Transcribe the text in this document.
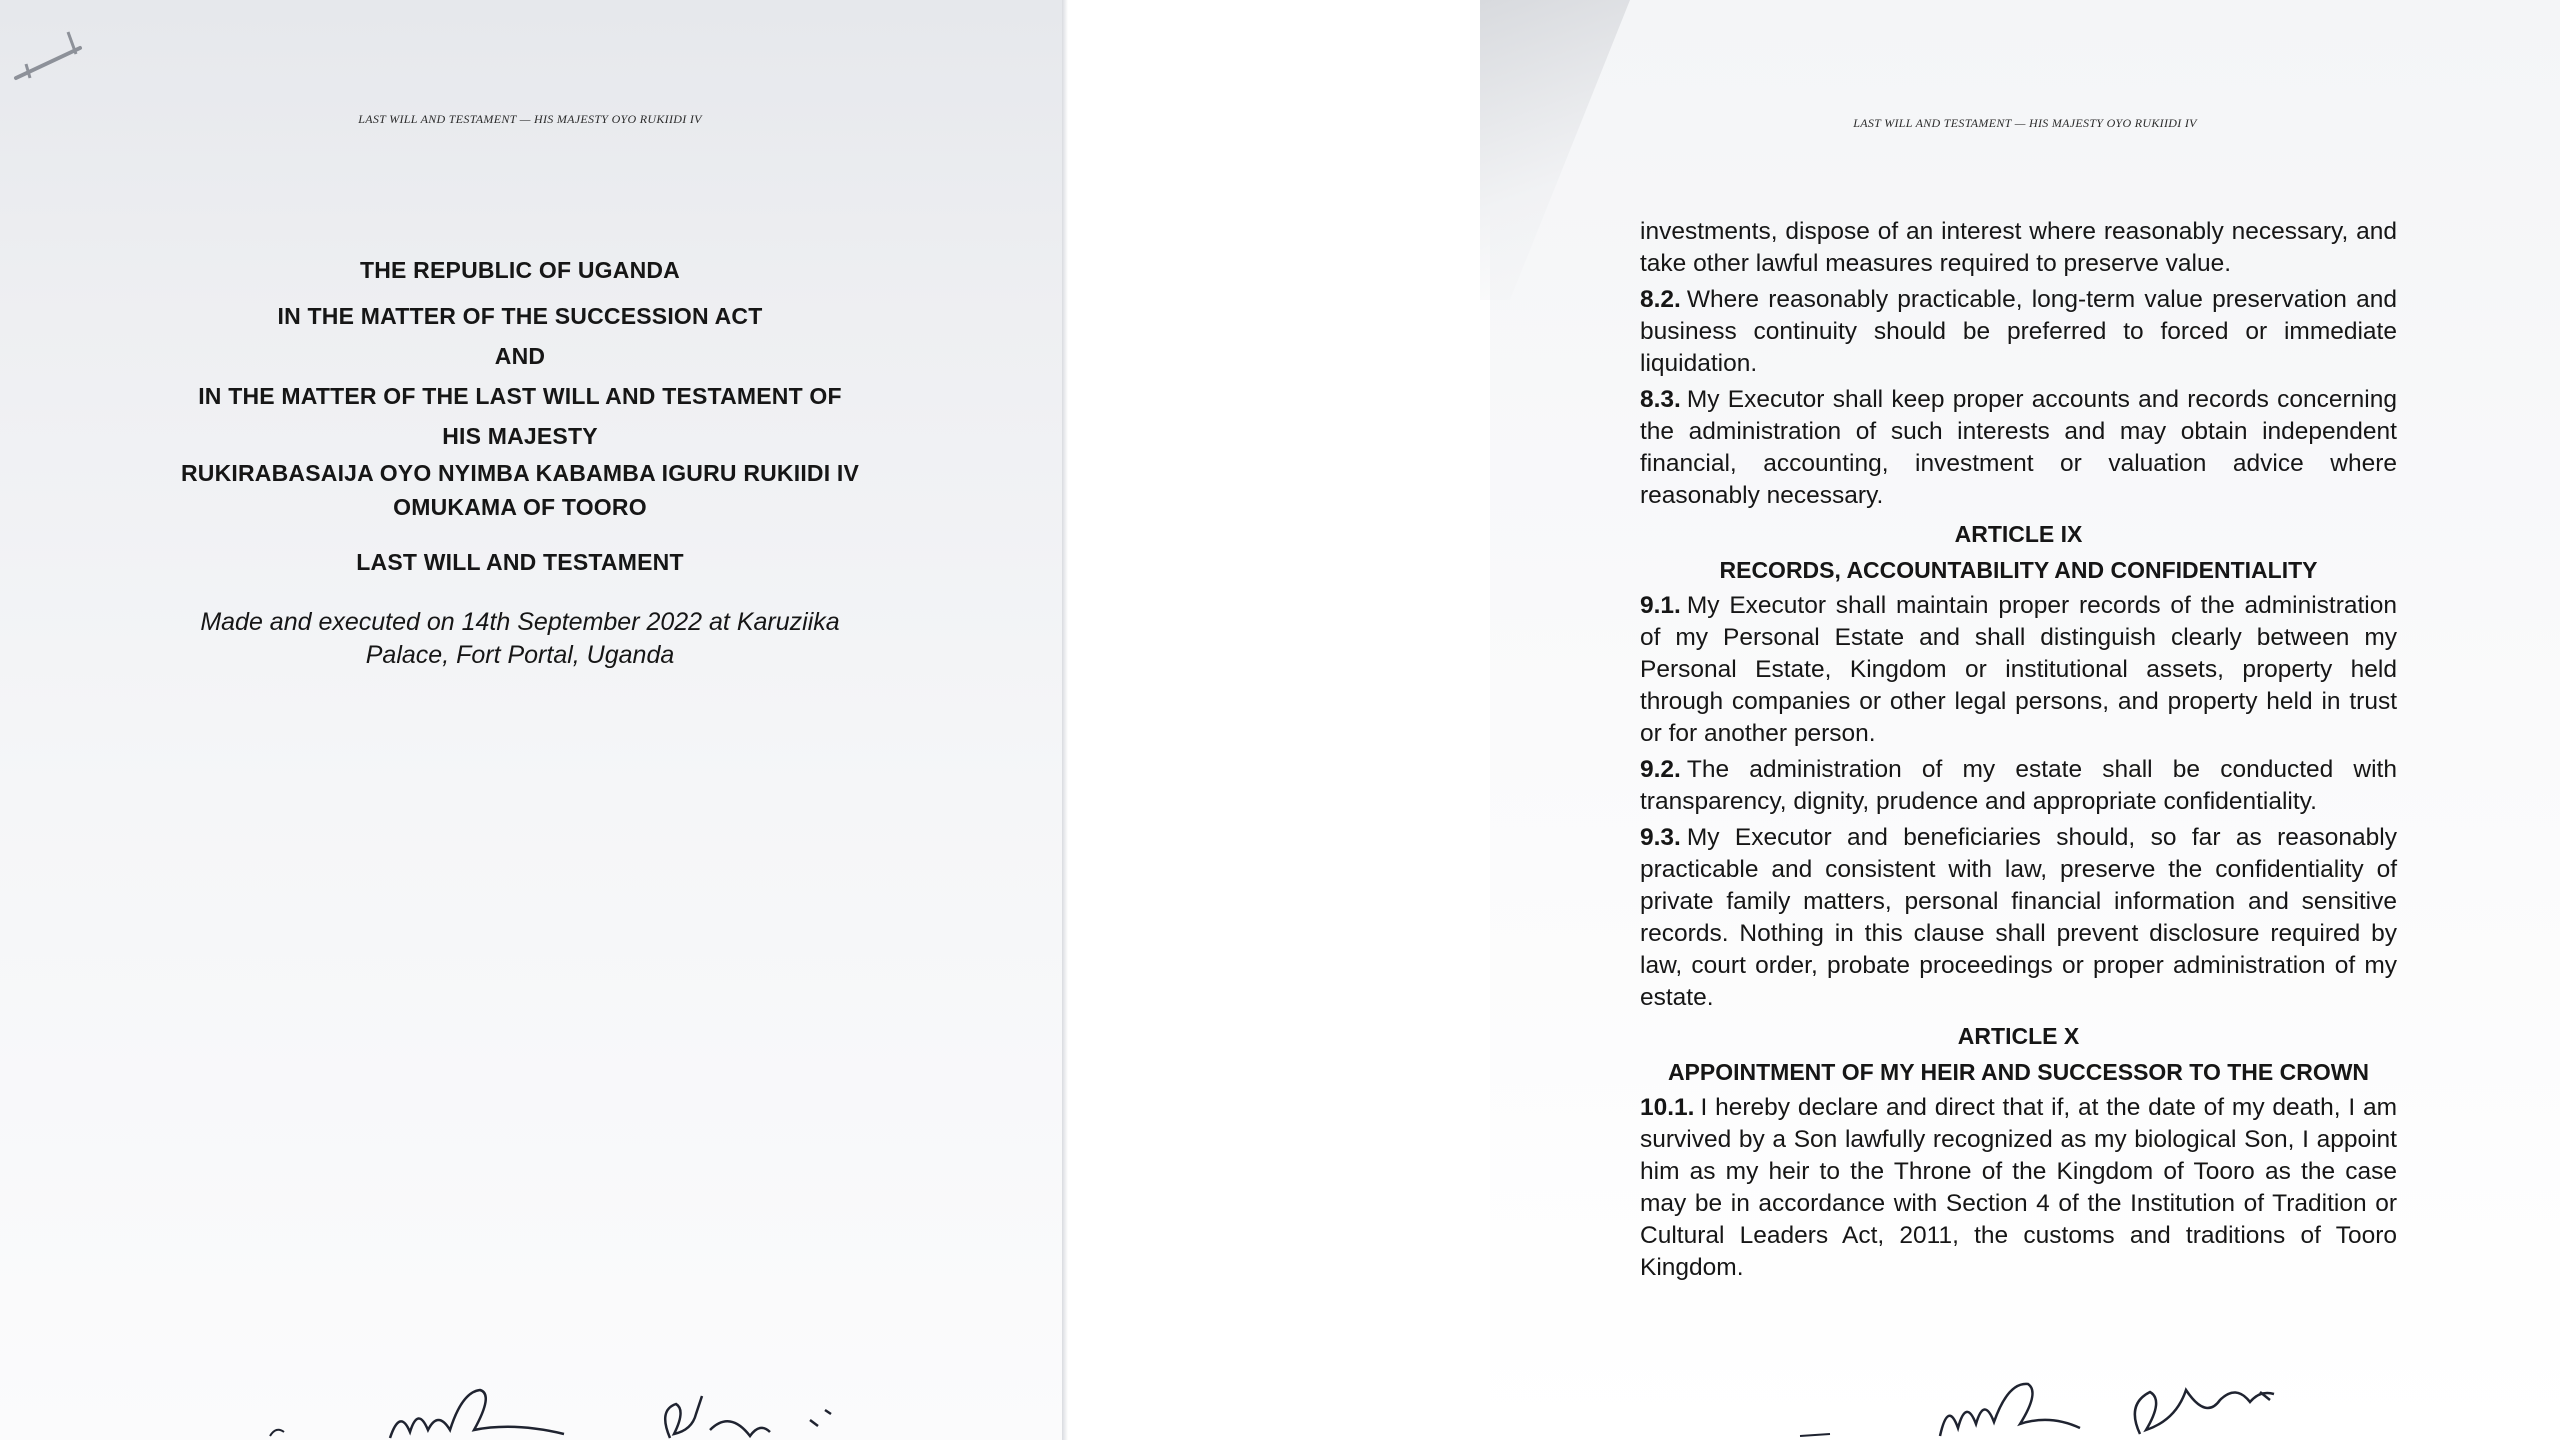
LAST WILL AND TESTAMENT — HIS MAJESTY OYO RUKIIDI IV
THE REPUBLIC OF UGANDA
IN THE MATTER OF THE SUCCESSION ACT
AND
IN THE MATTER OF THE LAST WILL AND TESTAMENT OF
HIS MAJESTY
RUKIRABASAIJA OYO NYIMBA KABAMBA IGURU RUKIIDI IV
OMUKAMA OF TOORO
LAST WILL AND TESTAMENT
Made and executed on 14th September 2022 at Karuziika
Palace, Fort Portal, Uganda
LAST WILL AND TESTAMENT — HIS MAJESTY OYO RUKIIDI IV

investments, dispose of an interest where reasonably necessary, and take other lawful measures required to preserve value.

8.2. Where reasonably practicable, long-term value preservation and business continuity should be preferred to forced or immediate liquidation.

8.3. My Executor shall keep proper accounts and records concerning the administration of such interests and may obtain independent financial, accounting, investment or valuation advice where reasonably necessary.

ARTICLE IX
RECORDS, ACCOUNTABILITY AND CONFIDENTIALITY

9.1. My Executor shall maintain proper records of the administration of my Personal Estate and shall distinguish clearly between my Personal Estate, Kingdom or institutional assets, property held through companies or other legal persons, and property held in trust or for another person.

9.2. The administration of my estate shall be conducted with transparency, dignity, prudence and appropriate confidentiality.

9.3. My Executor and beneficiaries should, so far as reasonably practicable and consistent with law, preserve the confidentiality of private family matters, personal financial information and sensitive records. Nothing in this clause shall prevent disclosure required by law, court order, probate proceedings or proper administration of my estate.

ARTICLE X
APPOINTMENT OF MY HEIR AND SUCCESSOR TO THE CROWN

10.1. I hereby declare and direct that if, at the date of my death, I am survived by a Son lawfully recognized as my biological Son, I appoint him as my heir to the Throne of the Kingdom of Tooro as the case may be in accordance with Section 4 of the Institution of Tradition or Cultural Leaders Act, 2011, the customs and traditions of Tooro Kingdom.
